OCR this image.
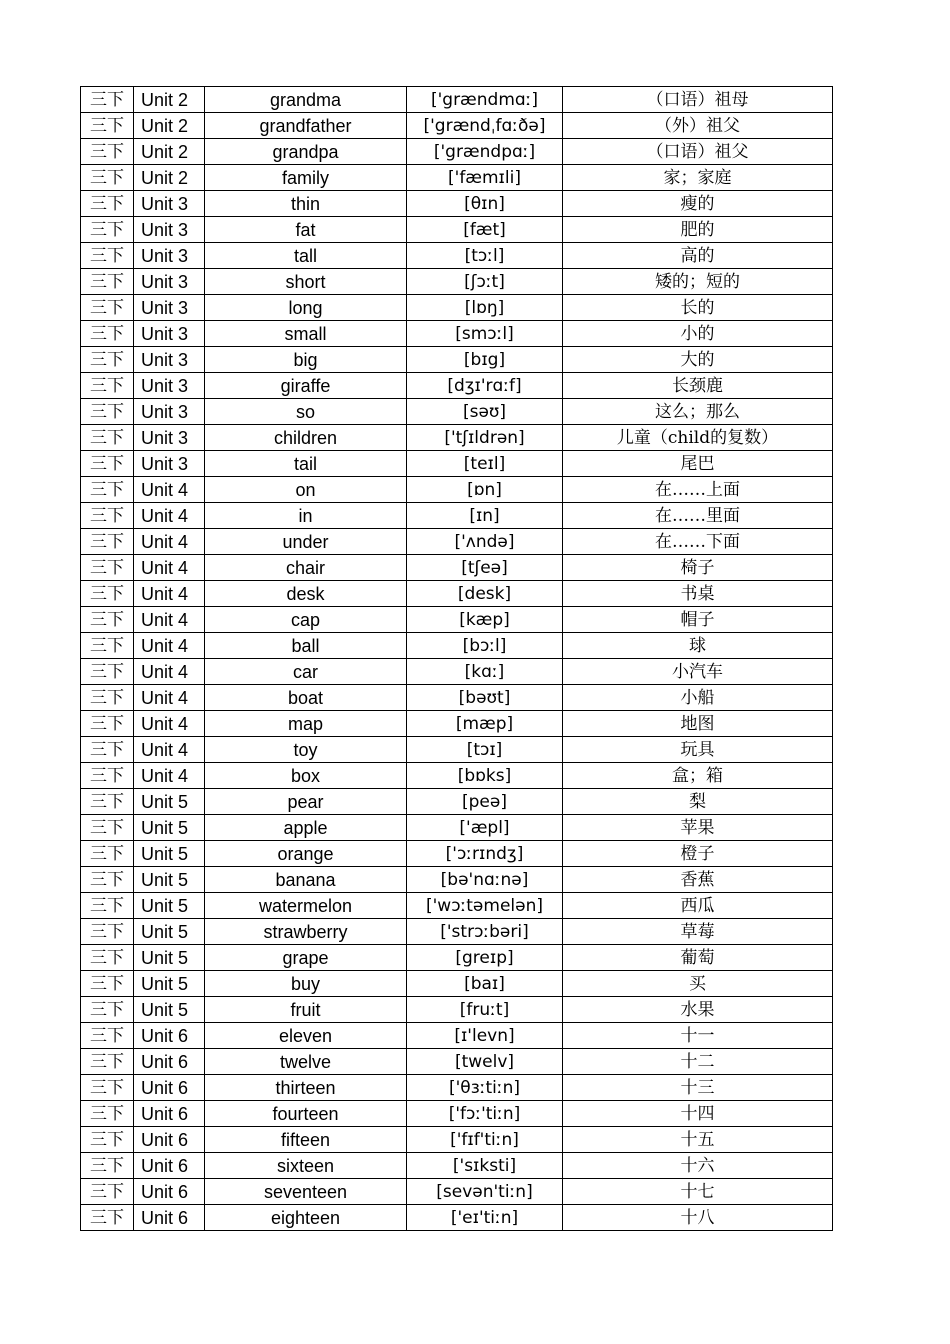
三下	Unit 2	grandma	['grændmɑː]	（口语）祖母
三下	Unit 2	grandfather	['grændˌfɑːðə]	（外）祖父
三下	Unit 2	grandpa	['grændpɑː]	（口语）祖父
三下	Unit 2	family	['fæmɪli]	家；家庭
三下	Unit 3	thin	[θɪn]	瘦的
三下	Unit 3	fat	[fæt]	肥的
三下	Unit 3	tall	[tɔːl]	高的
三下	Unit 3	short	[ʃɔːt]	矮的；短的
三下	Unit 3	long	[lɒŋ]	长的
三下	Unit 3	small	[smɔːl]	小的
三下	Unit 3	big	[bɪg]	大的
三下	Unit 3	giraffe	[dʒɪ'rɑːf]	长颈鹿
三下	Unit 3	so	[səʊ]	这么；那么
三下	Unit 3	children	['tʃɪldrən]	儿童（child的复数）
三下	Unit 3	tail	[teɪl]	尾巴
三下	Unit 4	on	[ɒn]	在……上面
三下	Unit 4	in	[ɪn]	在……里面
三下	Unit 4	under	['ʌndə]	在……下面
三下	Unit 4	chair	[tʃeə]	椅子
三下	Unit 4	desk	[desk]	书桌
三下	Unit 4	cap	[kæp]	帽子
三下	Unit 4	ball	[bɔːl]	球
三下	Unit 4	car	[kɑː]	小汽车
三下	Unit 4	boat	[bəʊt]	小船
三下	Unit 4	map	[mæp]	地图
三下	Unit 4	toy	[tɔɪ]	玩具
三下	Unit 4	box	[bɒks]	盒；箱
三下	Unit 5	pear	[peə]	梨
三下	Unit 5	apple	['æpl]	苹果
三下	Unit 5	orange	['ɔːrɪndʒ]	橙子
三下	Unit 5	banana	[bə'nɑːnə]	香蕉
三下	Unit 5	watermelon	['wɔːtəmelən]	西瓜
三下	Unit 5	strawberry	['strɔːbəri]	草莓
三下	Unit 5	grape	[greɪp]	葡萄
三下	Unit 5	buy	[baɪ]	买
三下	Unit 5	fruit	[fruːt]	水果
三下	Unit 6	eleven	[ɪ'levn]	十一
三下	Unit 6	twelve	[twelv]	十二
三下	Unit 6	thirteen	['θɜːtiːn]	十三
三下	Unit 6	fourteen	['fɔː'tiːn]	十四
三下	Unit 6	fifteen	['fɪf'tiːn]	十五
三下	Unit 6	sixteen	['sɪksti]	十六
三下	Unit 6	seventeen	[sevən'tiːn]	十七
三下	Unit 6	eighteen	['eɪ'tiːn]	十八
